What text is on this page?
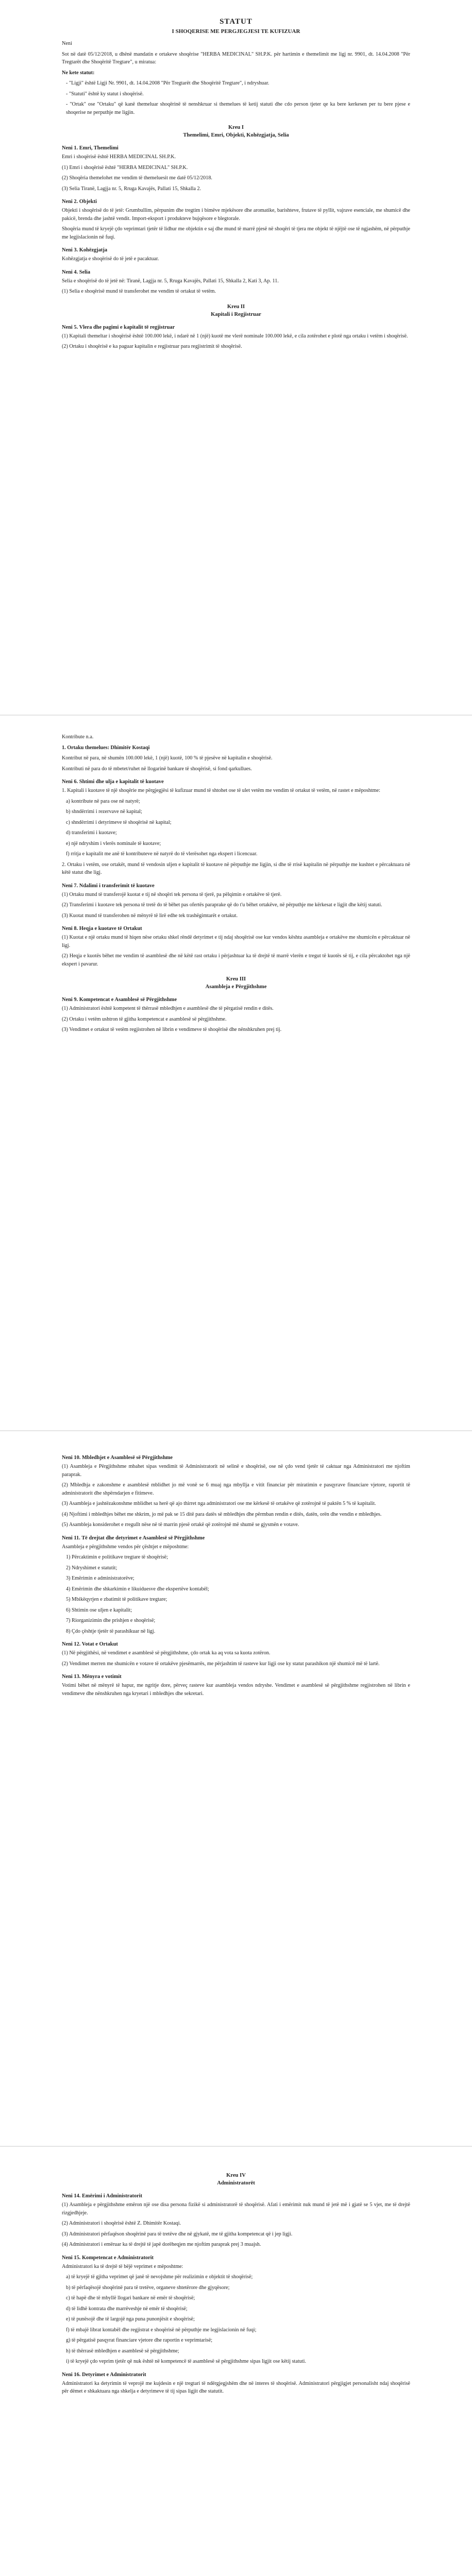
STATUT
I SHOQERISE ME PERGJEGJESI TE KUFIZUAR

Neni

Sot në datë 05/12/2018, u dhënë mandatin e ortakeve shoqërise "HERBA MEDICINAL" SH.P.K. për hartimin e themelimit me ligj nr. 9901, dt. 14.04.2008 "Për Tregtarët dhe Shoqëritë Tregtare", u miratua:

Ne kete statut:

- "Ligji" është Ligji Nr. 9901, dt. 14.04.2008 "Për Tregtarët dhe Shoqëritë Tregtare", i ndryshuar.

- "Statuti" është ky statut i shoqërisë.

- "Ortak" ose "Ortaku" që kanë themeluar shoqërinë të nenshkruar si themelues të ketij statuti dhe cdo person tjeter qe ka bere kerkesen per tu bere pjese e shoqerise ne perputhje me ligjin.

Kreu I
Themelimi, Emri, Objekti, Kohëzgjatja, Selia
Neni 1. Emri, Themelimi

Emri i shoqërisë është HERBA MEDICINAL SH.P.K.

(1) Emri i shoqërisë është "HERBA MEDICINAL" SH.P.K.

(2) Shoqëria themelohet me vendim të themeluesit me datë 05/12/2018.

(3) Selia Tiranë, Lagjja nr. 5, Rruga Kavajës, Pallati 15, Shkalla 2.

Neni 2. Objekti

Objekti i shoqërisë do të jetë: Grumbullim, përpunim dhe tregtim i bimëve mjekësore dhe aromatike, barishteve, frutave të pyllit, vajrave esenciale, me shumicë dhe pakicë, brenda dhe jashtë vendit. Import-eksport i produkteve bujqësore e blegtorale.

Shoqëria mund të kryejë çdo veprimtari tjetër të lidhur me objektin e saj dhe mund të marrë pjesë në shoqëri të tjera me objekt të njëjtë ose të ngjashëm, në përputhje me legjislacionin në fuqi.

Neni 3. Kohëzgjatja

Kohëzgjatja e shoqërisë do të jetë e pacaktuar.

Neni 4. Selia

Selia e shoqërisë do të jetë në: Tiranë, Lagjja nr. 5, Rruga Kavajës, Pallati 15, Shkalla 2, Kati 3, Ap. 11.

(1) Selia e shoqërisë mund të transferohet me vendim të ortakut të vetëm.

Kreu II
Kapitali i Regjistruar
Neni 5. Vlera dhe pagimi e kapitalit të regjistruar

(1) Kapitali themeltar i shoqërisë është 100.000 lekë, i ndarë në 1 (një) kuotë me vlerë nominale 100.000 lekë, e cila zotërohet e plotë nga ortaku i vetëm i shoqërisë.

(2) Ortaku i shoqërisë e ka paguar kapitalin e regjistruar para regjistrimit të shoqërisë.

Kontribute n.a.

1. Ortaku themelues: Dhimitër Kostaqi

Kontribut në para, në shumën 100.000 lekë, 1 (një) kuotë, 100 % të pjesëve në kapitalin e shoqërisë.

Kontributi në para do të mbetet/ruhet në llogarinë bankare të shoqërisë, si fond qarkullues.

Neni 6. Shtimi dhe ulja e kapitalit të kuotave

1. Kapitali i kuotave të një shoqërie me përgjegjësi të kufizuar mund të shtohet ose të ulet vetëm me vendim të ortakut të vetëm, në rastet e mëposhtme:

a) kontribute në para ose në natyrë;

b) shndërrimi i rezervave në kapital;

c) shndërrimi i detyrimeve të shoqërisë në kapital;

d) transferimi i kuotave;

e) një ndryshim i vlerës nominale të kuotave;

f) rritja e kapitalit me anë të kontributeve në natyrë do të vlerësohet nga ekspert i licencuar.

2. Ortaku i vetëm, ose ortakët, mund të vendosin uljen e kapitalit të kuotave në përputhje me ligjin, si dhe të rrisë kapitalin në përputhje me kushtet e përcaktuara në këtë statut dhe ligj.

Neni 7. Ndalimi i transferimit të kuotave

(1) Ortaku mund të transferojë kuotat e tij në shoqëri tek persona të tjerë, pa pëlqimin e ortakëve të tjerë.

(2) Transferimi i kuotave tek persona të tretë do të bëhet pas ofertës paraprake që do t'u bëhet ortakëve, në përputhje me kërkesat e ligjit dhe këtij statuti.

(3) Kuotat mund të transferohen në mënyrë të lirë edhe tek trashëgimtarët e ortakut.

Neni 8. Heqja e kuotave të Ortakut

(1) Kuotat e një ortaku mund të hiqen nëse ortaku shkel rëndë detyrimet e tij ndaj shoqërisë ose kur vendos kështu asambleja e ortakëve me shumicën e përcaktuar në ligj.

(2) Heqja e kuotës bëhet me vendim të asamblesë dhe në këtë rast ortaku i përjashtuar ka të drejtë të marrë vlerën e tregut të kuotës së tij, e cila përcaktohet nga një ekspert i pavarur.

Kreu III
Asambleja e Përgjithshme
Neni 9. Kompetencat e Asamblesë së Përgjithshme

(1) Administratori është kompetent të thërrasë mbledhjen e asamblesë dhe të përgatisë rendin e ditës.

(2) Ortaku i vetëm ushtron të gjitha kompetencat e asamblesë së përgjithshme.

(3) Vendimet e ortakut të vetëm regjistrohen në librin e vendimeve të shoqërisë dhe nënshkruhen prej tij.

Neni 10. Mbledhjet e Asamblesë së Përgjithshme

(1) Asambleja e Përgjithshme mbahet sipas vendimit të Administratorit në selinë e shoqërisë, ose në çdo vend tjetër të caktuar nga Administratori me njoftim paraprak.

(2) Mbledhja e zakonshme e asamblesë mblidhet jo më vonë se 6 muaj nga mbyllja e vitit financiar për miratimin e pasqyrave financiare vjetore, raportit të administratorit dhe shpërndarjen e fitimeve.

(3) Asambleja e jashtëzakonshme mblidhet sa herë që ajo thirret nga administratori ose me kërkesë të ortakëve që zotërojnë të paktën 5 % të kapitalit.

(4) Njoftimi i mbledhjes bëhet me shkrim, jo më pak se 15 ditë para datës së mbledhjes dhe përmban rendin e ditës, datën, orën dhe vendin e mbledhjes.

(5) Asambleja konsiderohet e rregullt nëse në të marrin pjesë ortakë që zotërojnë më shumë se gjysmën e votave.

Neni 11. Të drejtat dhe detyrimet e Asamblesë së Përgjithshme

Asambleja e përgjithshme vendos për çështjet e mëposhtme:

1) Përcaktimin e politikave tregtare të shoqërisë;

2) Ndryshimet e statutit;

3) Emërimin e administratorëve;

4) Emërimin dhe shkarkimin e likuiduesve dhe ekspertëve kontabël;

5) Mbikëqyrjen e zbatimit të politikave tregtare;

6) Shtimin ose uljen e kapitalit;

7) Riorganizimin dhe prishjen e shoqërisë;

8) Çdo çështje tjetër të parashikuar në ligj.

Neni 12. Votat e Ortakut

(1) Në përgjithësi, në vendimet e asamblesë së përgjithshme, çdo ortak ka aq vota sa kuota zotëron.

(2) Vendimet merren me shumicën e votave të ortakëve pjesëmarrës, me përjashtim të rasteve kur ligji ose ky statut parashikon një shumicë më të lartë.

Neni 13. Mënyra e votimit

Votimi bëhet në mënyrë të hapur, me ngritje dore, përveç rasteve kur asambleja vendos ndryshe. Vendimet e asamblesë së përgjithshme regjistrohen në librin e vendimeve dhe nënshkruhen nga kryetari i mbledhjes dhe sekretari.

Kreu IV
Administratorët
Neni 14. Emërimi i Administratorit

(1) Asambleja e përgjithshme emëron një ose disa persona fizikë si administratorë të shoqërisë. Afati i emërimit nuk mund të jetë më i gjatë se 5 vjet, me të drejtë rizgjedhjeje.

(2) Administratori i shoqërisë është Z. Dhimitër Kostaqi.

(3) Administratori përfaqëson shoqërinë para të tretëve dhe në gjykatë, me të gjitha kompetencat që i jep ligji.

(4) Administratori i emëruar ka të drejtë të japë dorëheqjen me njoftim paraprak prej 3 muajsh.

Neni 15. Kompetencat e Administratorit

Administratori ka të drejtë të bëjë veprimet e mëposhtme:

a) të kryejë të gjitha veprimet që janë të nevojshme për realizimin e objektit të shoqërisë;

b) të përfaqësojë shoqërinë para të tretëve, organeve shtetërore dhe gjyqësore;

c) të hapë dhe të mbyllë llogari bankare në emër të shoqërisë;

d) të lidhë kontrata dhe marrëveshje në emër të shoqërisë;

e) të punësojë dhe të largojë nga puna punonjësit e shoqërisë;

f) të mbajë librat kontabël dhe regjistrat e shoqërisë në përputhje me legjislacionin në fuqi;

g) të përgatisë pasqyrat financiare vjetore dhe raportin e veprimtarisë;

h) të thërrasë mbledhjen e asamblesë së përgjithshme;

i) të kryejë çdo veprim tjetër që nuk është në kompetencë të asamblesë së përgjithshme sipas ligjit ose këtij statuti.

Neni 16. Detyrimet e Administratorit

Administratori ka detyrimin të veprojë me kujdesin e një tregtari të ndërgjegjshëm dhe në interes të shoqërisë. Administratori përgjigjet personalisht ndaj shoqërisë për dëmet e shkaktuara nga shkelja e detyrimeve të tij sipas ligjit dhe statutit.
